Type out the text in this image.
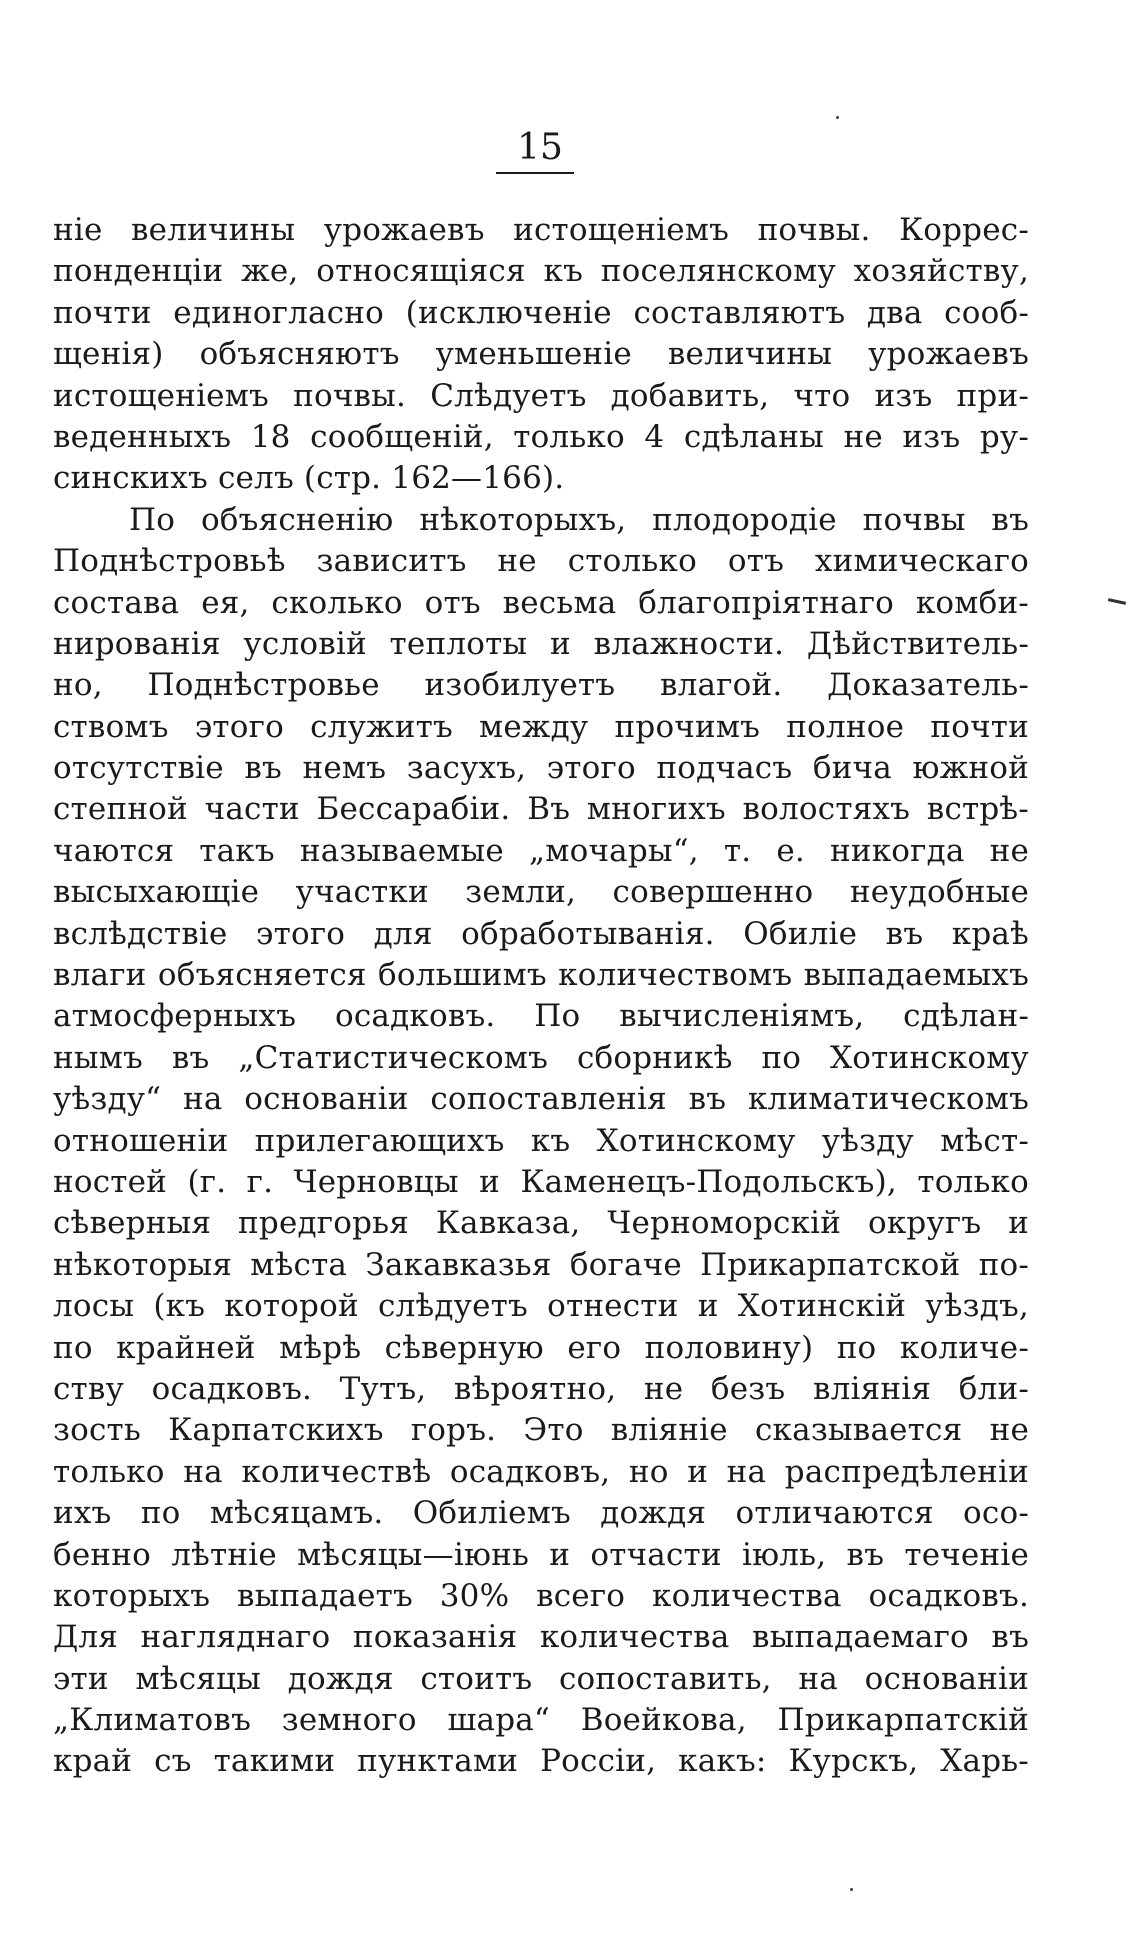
15
ніе величины урожаевъ истощеніемъ почвы. Коррес-
понденціи же, относящіяся къ поселянскому хозяйству,
почти единогласно (исключеніе составляютъ два сооб-
щенія) объясняютъ уменьшеніе величины урожаевъ
истощеніемъ почвы. Слѣдуетъ добавить, что изъ при-
веденныхъ 18 сообщеній, только 4 сдѣланы не изъ ру-
синскихъ селъ (стр. 162—166).
По объясненію нѣкоторыхъ, плодородіе почвы въ
Поднѣстровьѣ зависитъ не столько отъ химическаго
состава ея, сколько отъ весьма благопріятнаго комби-
нированія условій теплоты и влажности. Дѣйствитель-
но, Поднѣстровье изобилуетъ влагой. Доказатель-
ствомъ этого служитъ между прочимъ полное почти
отсутствіе въ немъ засухъ, этого подчасъ бича южной
степной части Бессарабіи. Въ многихъ волостяхъ встрѣ-
чаются такъ называемые „мочары“, т. е. никогда не
высыхающіе участки земли, совершенно неудобные
вслѣдствіе этого для обработыванія. Обиліе въ краѣ
влаги объясняется большимъ количествомъ выпадаемыхъ
атмосферныхъ осадковъ. По вычисленіямъ, сдѣлан-
нымъ въ „Статистическомъ сборникѣ по Хотинскому
уѣзду“ на основаніи сопоставленія въ климатическомъ
отношеніи прилегающихъ къ Хотинскому уѣзду мѣст-
ностей (г. г. Черновцы и Каменецъ-Подольскъ), только
сѣверныя предгорья Кавказа, Черноморскій округъ и
нѣкоторыя мѣста Закавказья богаче Прикарпатской по-
лосы (къ которой слѣдуетъ отнести и Хотинскій уѣздъ,
по крайней мѣрѣ сѣверную его половину) по количе-
ству осадковъ. Тутъ, вѣроятно, не безъ вліянія бли-
зость Карпатскихъ горъ. Это вліяніе сказывается не
только на количествѣ осадковъ, но и на распредѣленіи
ихъ по мѣсяцамъ. Обиліемъ дождя отличаются осо-
бенно лѣтніе мѣсяцы—іюнь и отчасти іюль, въ теченіе
которыхъ выпадаетъ 30% всего количества осадковъ.
Для нагляднаго показанія количества выпадаемаго въ
эти мѣсяцы дождя стоитъ сопоставить, на основаніи
„Климатовъ земного шара“ Воейкова, Прикарпатскій
край съ такими пунктами Россіи, какъ: Курскъ, Харь-
